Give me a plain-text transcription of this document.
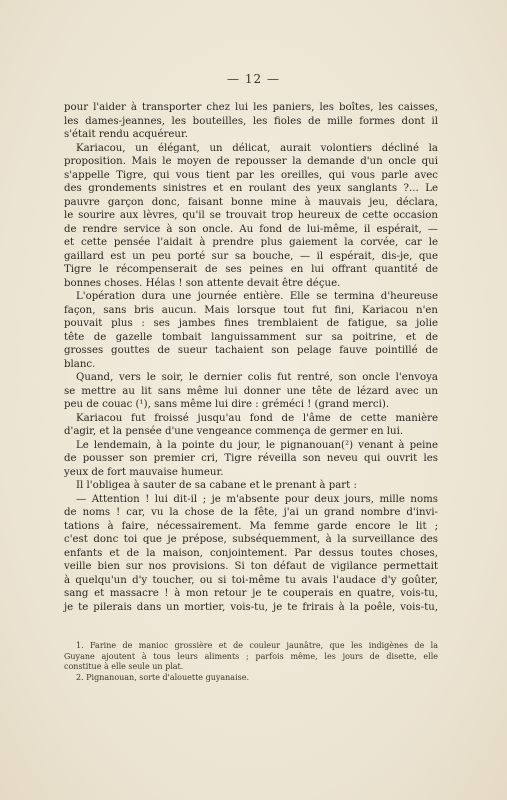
— 12 —
pour l'aider à transporter chez lui les paniers, les boîtes, les caisses,
les dames-jeannes, les bouteilles, les fioles de mille formes dont il
s'était rendu acquéreur.
Kariacou, un élégant, un délicat, aurait volontiers décliné la
proposition. Mais le moyen de repousser la demande d'un oncle qui
s'appelle Tigre, qui vous tient par les oreilles, qui vous parle avec
des grondements sinistres et en roulant des yeux sanglants ?... Le
pauvre garçon donc, faisant bonne mine à mauvais jeu, déclara,
le sourire aux lèvres, qu'il se trouvait trop heureux de cette occasion
de rendre service à son oncle. Au fond de lui-même, il espérait, —
et cette pensée l'aidait à prendre plus gaiement la corvée, car le
gaillard est un peu porté sur sa bouche, — il espérait, dis-je, que
Tigre le récompenserait de ses peines en lui offrant quantité de
bonnes choses. Hélas ! son attente devait être déçue.
L'opération dura une journée entière. Elle se termina d'heureuse
façon, sans bris aucun. Mais lorsque tout fut fini, Kariacou n'en
pouvait plus : ses jambes fines tremblaient de fatigue, sa jolie
tête de gazelle tombait languissamment sur sa poitrine, et de
grosses gouttes de sueur tachaient son pelage fauve pointillé de
blanc.
Quand, vers le soir, le dernier colis fut rentré, son oncle l'envoya
se mettre au lit sans même lui donner une tête de lézard avec un
peu de couac (¹), sans même lui dire : gréméci ! (grand merci).
Kariacou fut froissé jusqu'au fond de l'âme de cette manière
d'agir, et la pensée d'une vengeance commença de germer en lui.
Le lendemain, à la pointe du jour, le pignanouan(²) venant à peine
de pousser son premier cri, Tigre réveilla son neveu qui ouvrit les
yeux de fort mauvaise humeur.
Il l'obligea à sauter de sa cabane et le prenant à part :
— Attention ! lui dit-il ; je m'absente pour deux jours, mille noms
de noms ! car, vu la chose de la fête, j'ai un grand nombre d'invi-
tations à faire, nécessairement. Ma femme garde encore le lit ;
c'est donc toi que je prépose, subséquemment, à la surveillance des
enfants et de la maison, conjointement. Par dessus toutes choses,
veille bien sur nos provisions. Si ton défaut de vigilance permettait
à quelqu'un d'y toucher, ou si toi-même tu avais l'audace d'y goûter,
sang et massacre ! à mon retour je te couperais en quatre, vois-tu,
je te pilerais dans un mortier, vois-tu, je te frirais à la poêle, vois-tu,
1. Farine de manioc grossière et de couleur jaunâtre, que les indigènes de la
Guyane ajoutent à tous leurs aliments ; parfois même, les jours de disette, elle
constitue à elle seule un plat.
2. Pignanouan, sorte d'alouette guyanaise.
